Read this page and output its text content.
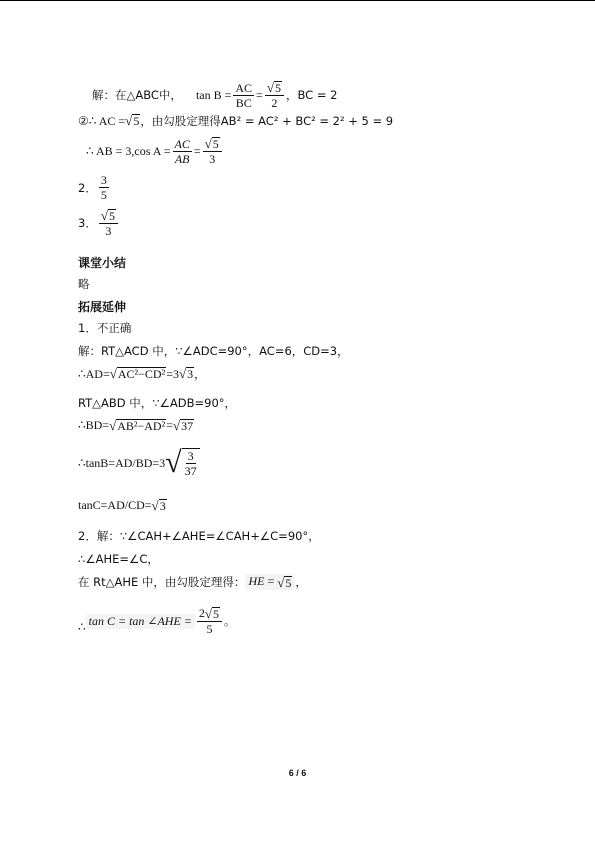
解：在△ABC中， $\tan B = \frac{AC}{BC} = \frac{√ 5}{2}$ ，BC = 2
②∴ AC = √ 5 ，由勾股定理得AB² = AC² + BC² = 2² + 5 = 9
∴ AB = 3,cos $A = \frac{AC}{AB} = \frac{√ 5}{3}$
2． $\frac{3}{5}$
3． $\frac{√ 5}{3}$
课堂小结
略
拓展延伸
1．不正确
解：RT△ACD 中，∵∠ADC=90°，AC=6，CD=3，
∴AD= √ AC²−CD² =3 √ 3 ，
RT△ABD 中，∵∠ADB=90°，
∴BD= √ AB²−AD² = √ 37
∴tanB=AD/BD=3 √ $\frac{3}{37}$
tanC=AD/CD= √ 3
2．解：∵∠CAH+∠AHE=∠CAH+∠C=90°，
∴∠AHE=∠C，
在 Rt△AHE 中，由勾股定理得： HE = √ 5 ，
∴ tan C = tan ∠AHE = $\frac{2 √ 5}{5}$ 。
6 / 6
